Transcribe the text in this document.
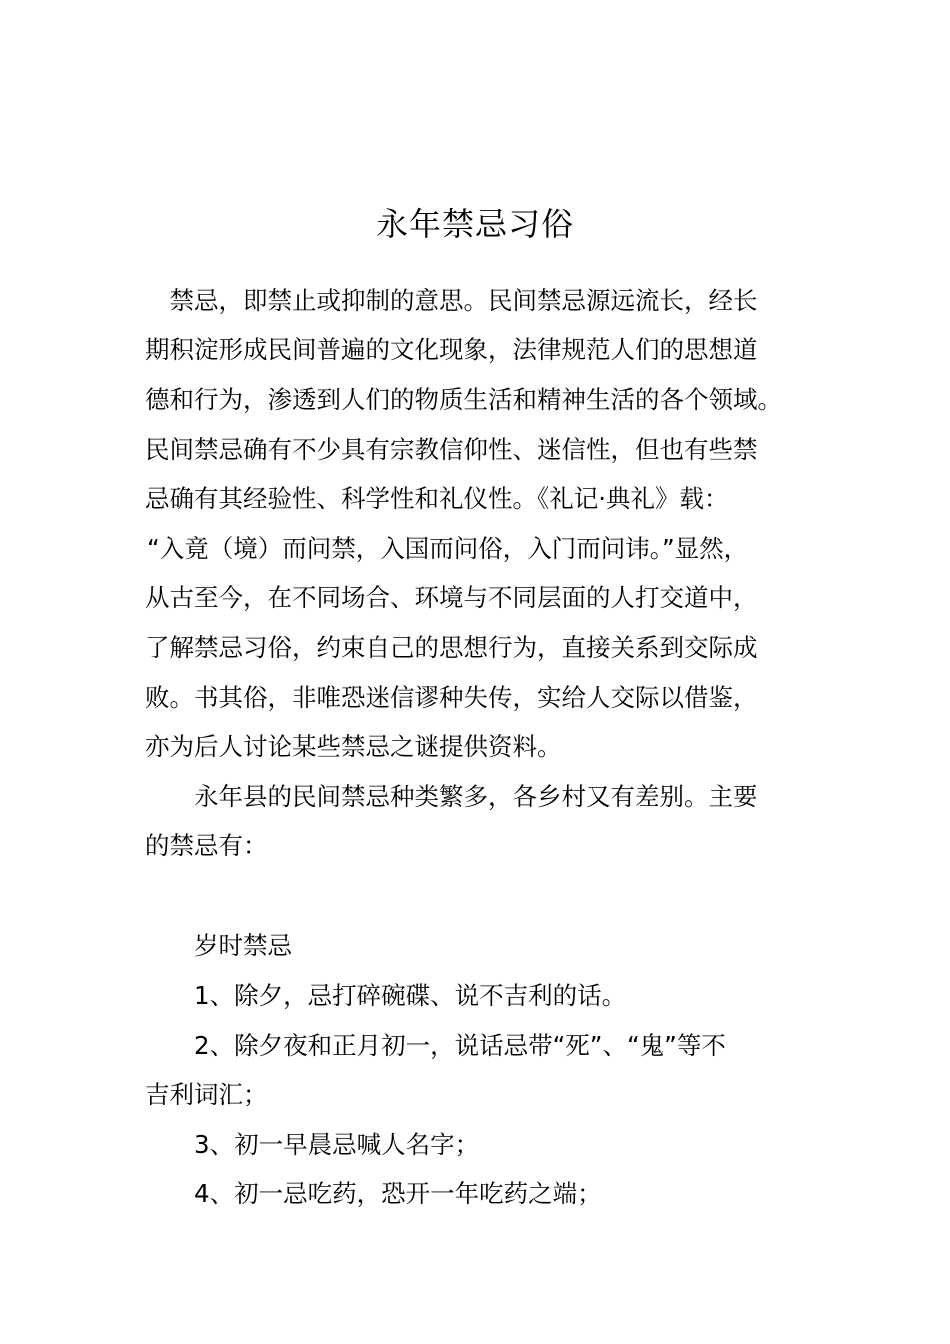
永年禁忌习俗
　禁忌，即禁止或抑制的意思。民间禁忌源远流长，经长
期积淀形成民间普遍的文化现象，法律规范人们的思想道
德和行为，渗透到人们的物质生活和精神生活的各个领域。
民间禁忌确有不少具有宗教信仰性、迷信性，但也有些禁
忌确有其经验性、科学性和礼仪性。《礼记·典礼》载：
“入竟（境）而问禁，入国而问俗，入门而问讳。”显然，
从古至今，在不同场合、环境与不同层面的人打交道中，
了解禁忌习俗，约束自己的思想行为，直接关系到交际成
败。书其俗，非唯恐迷信谬种失传，实给人交际以借鉴，
亦为后人讨论某些禁忌之谜提供资料。
　　永年县的民间禁忌种类繁多，各乡村又有差别。主要
的禁忌有：
　　岁时禁忌
　　1、除夕，忌打碎碗碟、说不吉利的话。
　　2、除夕夜和正月初一，说话忌带“死”、“鬼”等不
吉利词汇；
　　3、初一早晨忌喊人名字；
　　4、初一忌吃药，恐开一年吃药之端；
